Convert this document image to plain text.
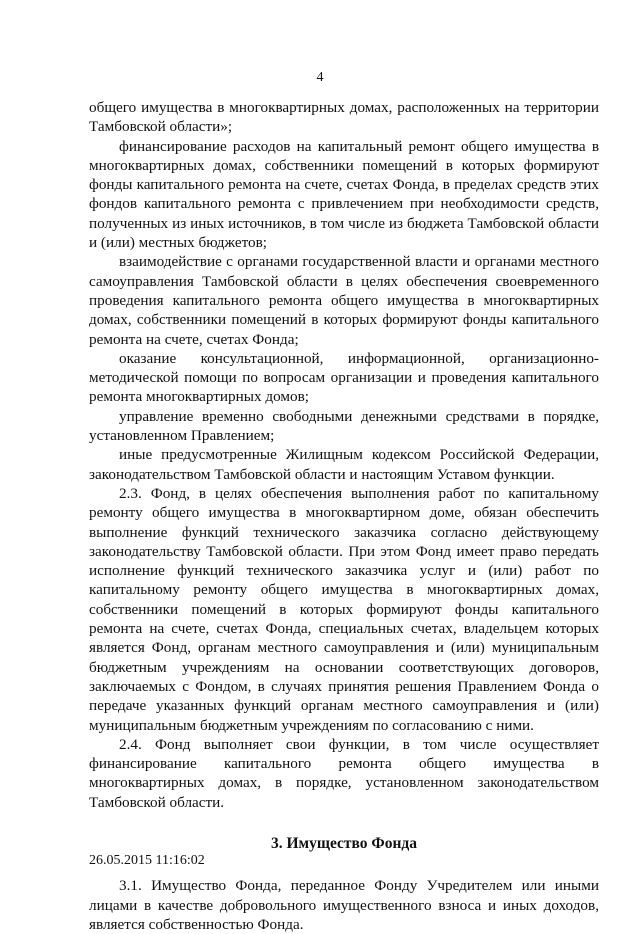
4

общего имущества в многоквартирных домах, расположенных на территории Тамбовской области»;

финансирование расходов на капитальный ремонт общего имущества в многоквартирных домах, собственники помещений в которых формируют фонды капитального ремонта на счете, счетах Фонда, в пределах средств этих фондов капитального ремонта с привлечением при необходимости средств, полученных из иных источников, в том числе из бюджета Тамбовской области и (или) местных бюджетов;

взаимодействие с органами государственной власти и органами местного самоуправления Тамбовской области в целях обеспечения своевременного проведения капитального ремонта общего имущества в многоквартирных домах, собственники помещений в которых формируют фонды капитального ремонта на счете, счетах Фонда;

оказание консультационной, информационной, организационно-методической помощи по вопросам организации и проведения капитального ремонта многоквартирных домов;

управление временно свободными денежными средствами в порядке, установленном Правлением;

иные предусмотренные Жилищным кодексом Российской Федерации, законодательством Тамбовской области и настоящим Уставом функции.

2.3. Фонд, в целях обеспечения выполнения работ по капитальному ремонту общего имущества в многоквартирном доме, обязан обеспечить выполнение функций технического заказчика согласно действующему законодательству Тамбовской области. При этом Фонд имеет право передать исполнение функций технического заказчика услуг и (или) работ по капитальному ремонту общего имущества в многоквартирных домах, собственники помещений в которых формируют фонды капитального ремонта на счете, счетах Фонда, специальных счетах, владельцем которых является Фонд, органам местного самоуправления и (или) муниципальным бюджетным учреждениям на основании соответствующих договоров, заключаемых с Фондом, в случаях принятия решения Правлением Фонда о передаче указанных функций органам местного самоуправления и (или) муниципальным бюджетным учреждениям по согласованию с ними.

2.4. Фонд выполняет свои функции, в том числе осуществляет финансирование капитального ремонта общего имущества в многоквартирных домах, в порядке, установленном законодательством Тамбовской области.

3. Имущество Фонда

3.1. Имущество Фонда, переданное Фонду Учредителем или иными лицами в качестве добровольного имущественного взноса и иных доходов, является собственностью Фонда.

26.05.2015 11:16:02
